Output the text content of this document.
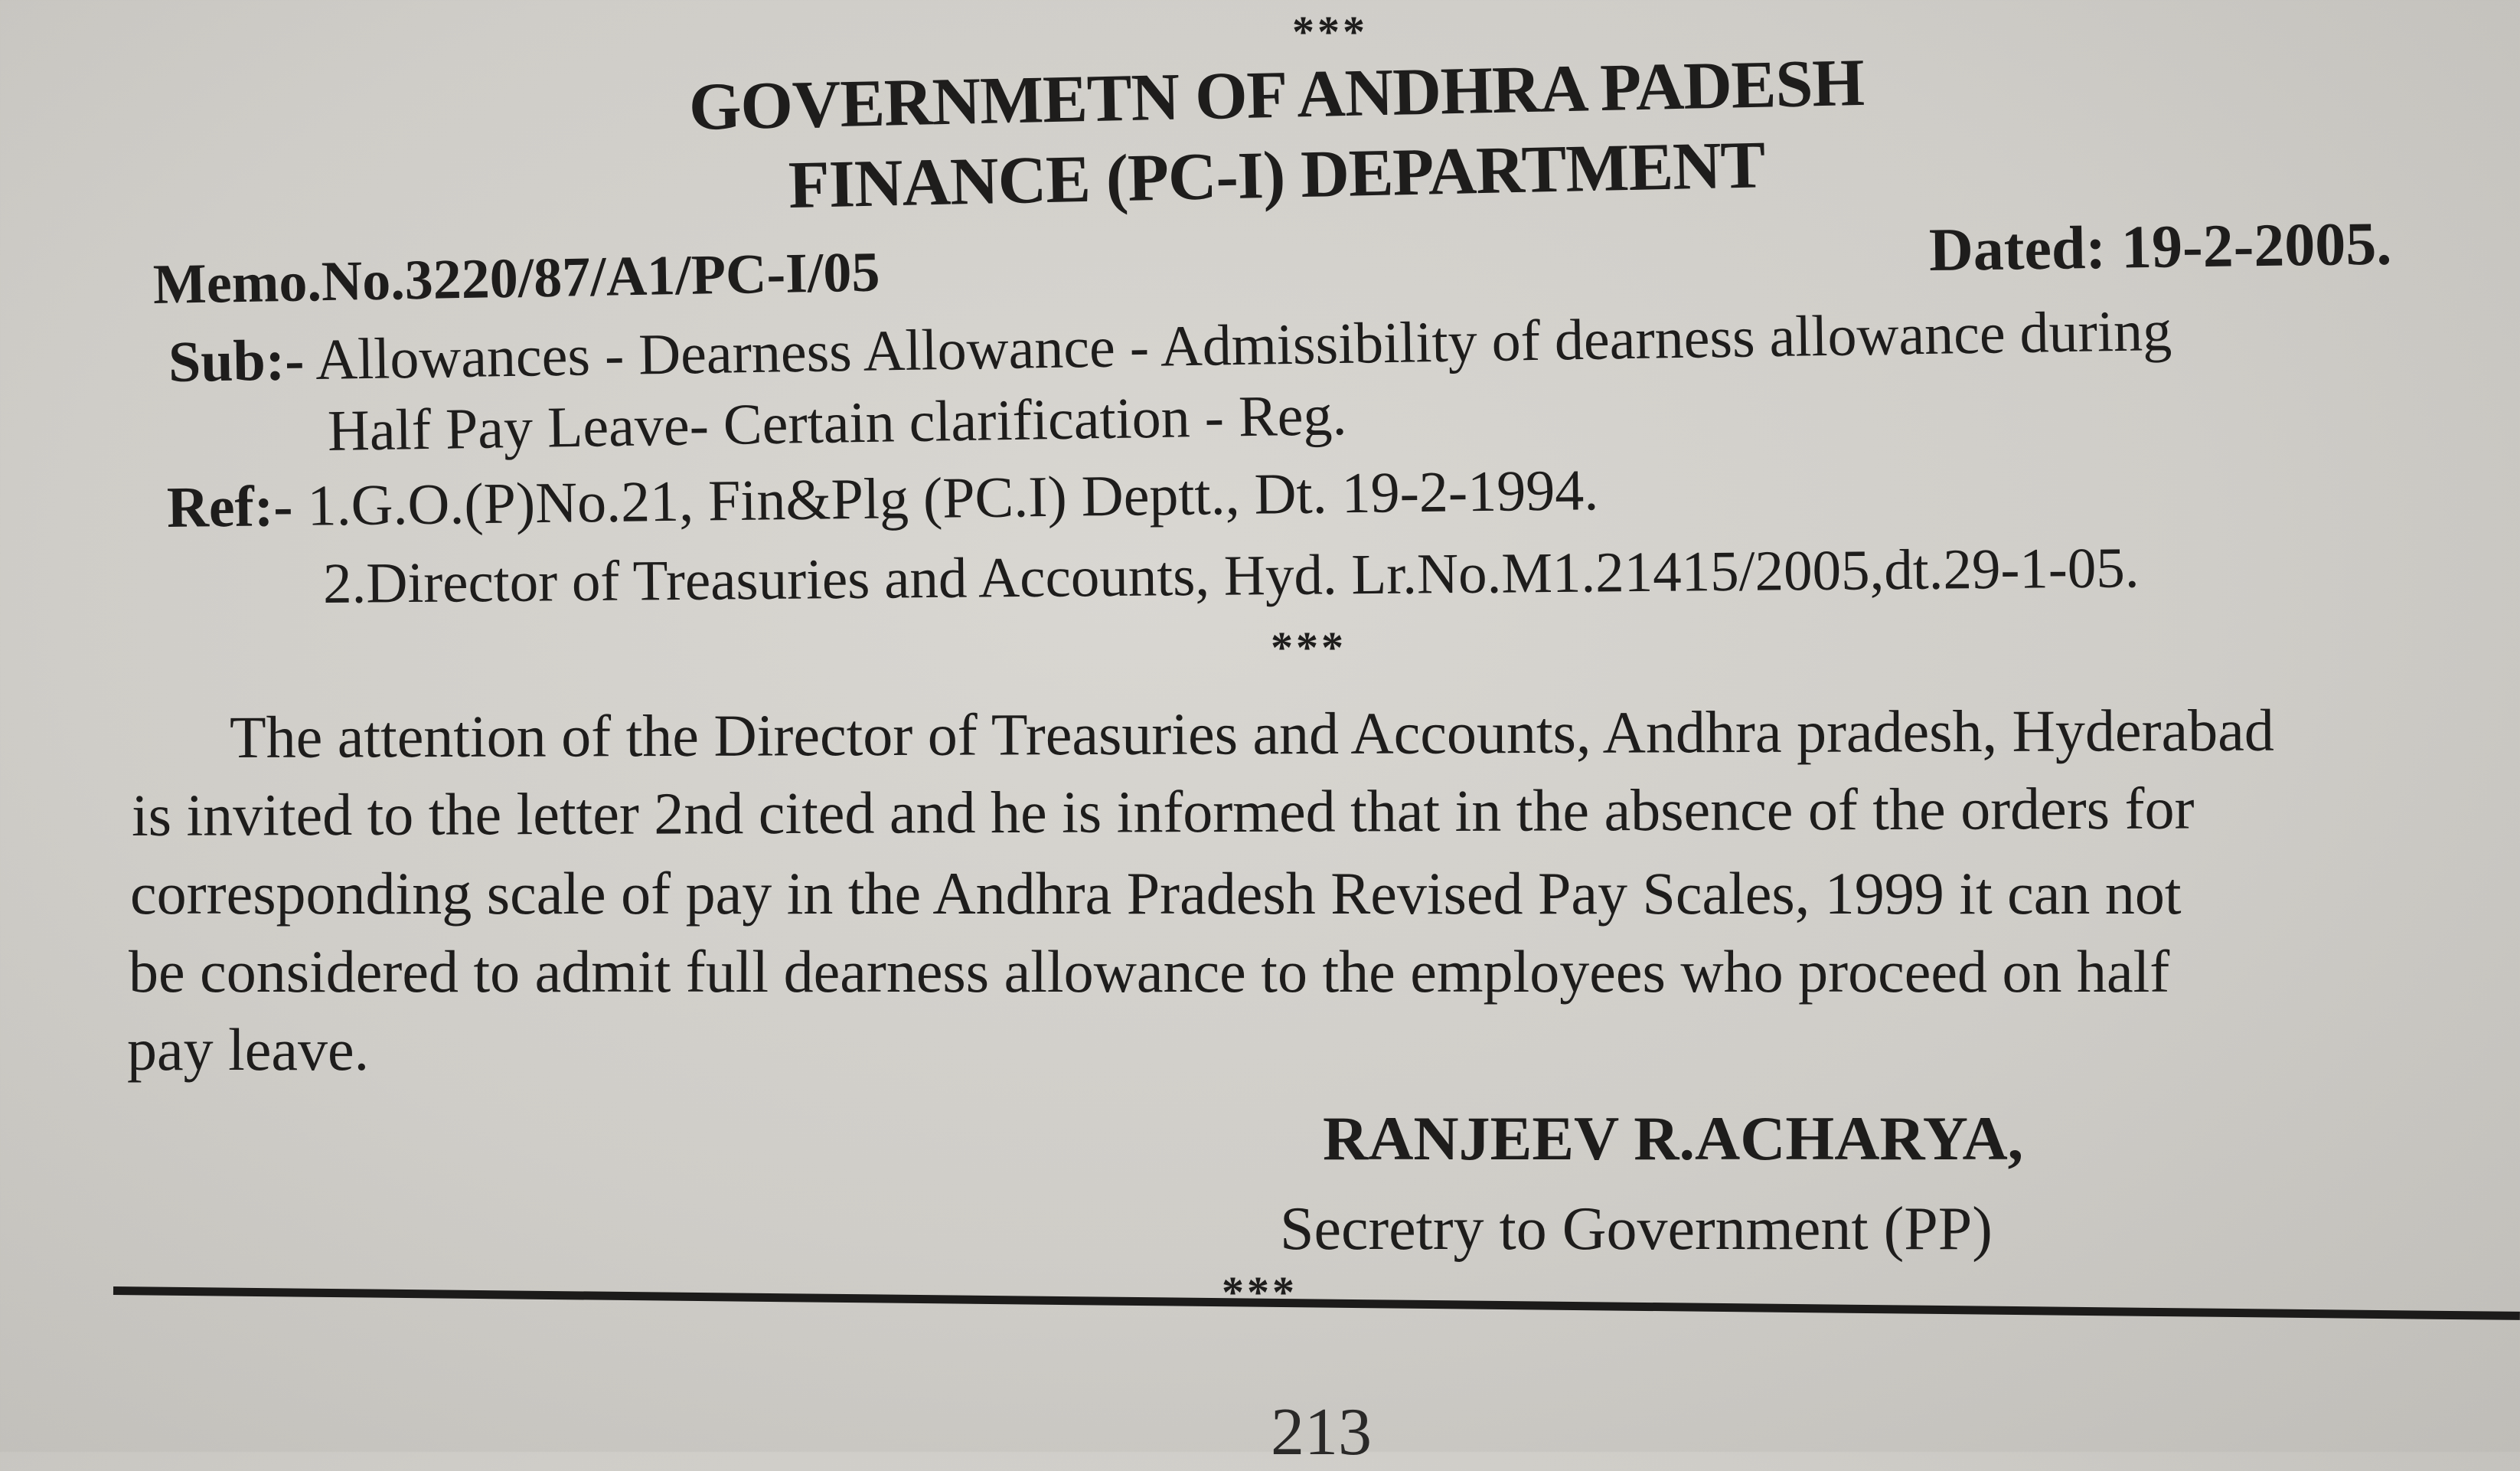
***
GOVERNMETN OF ANDHRA PADESH
FINANCE (PC-I) DEPARTMENT
Memo.No.3220/87/A1/PC-I/05	Dated: 19-2-2005.
Sub:- Allowances - Dearness Allowance - Admissibility of dearness allowance during
Half Pay Leave- Certain clarification - Reg.
Ref:- 1.G.O.(P)No.21, Fin&Plg (PC.I) Deptt., Dt. 19-2-1994.
2.Director of Treasuries and Accounts, Hyd. Lr.No.M1.21415/2005,dt.29-1-05.
***
The attention of the Director of Treasuries and Accounts, Andhra pradesh, Hyderabad
is invited to the letter 2nd cited and he is informed that in the absence of the orders for
corresponding scale of pay in the Andhra Pradesh Revised Pay Scales, 1999 it can not
be considered to admit full dearness allowance to the employees who proceed on half
pay leave.
RANJEEV R.ACHARYA,
Secretry to Government (PP)
***
213
